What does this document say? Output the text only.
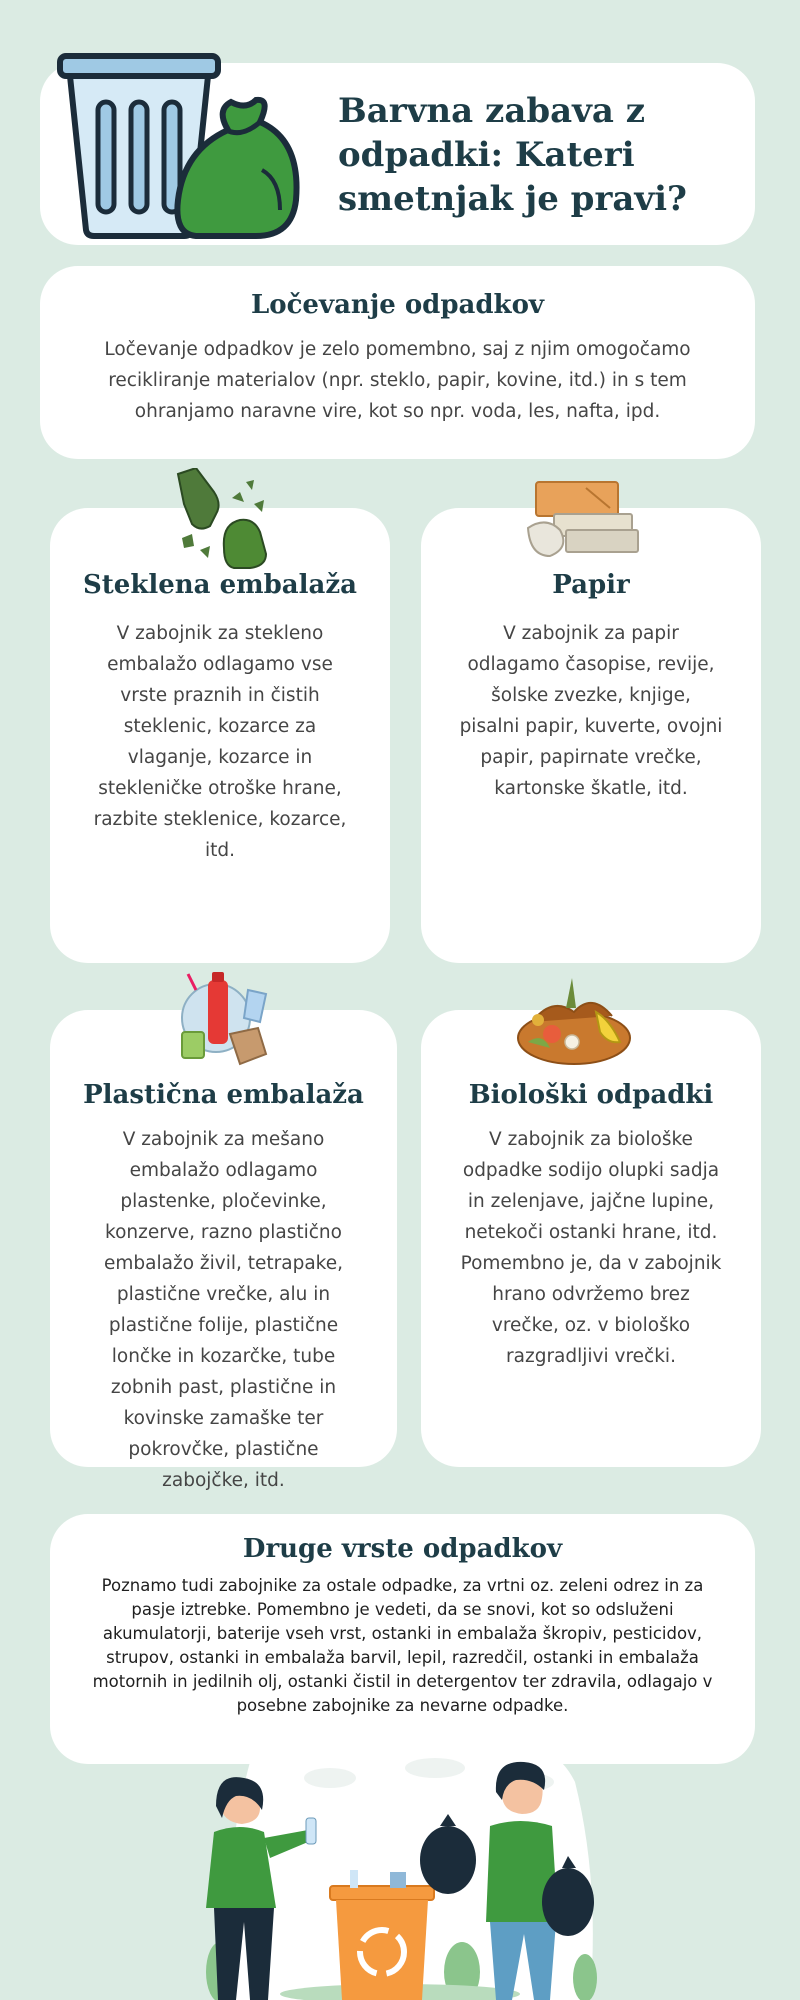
Barvna zabava z odpadki: Kateri smetnjak je pravi?
Ločevanje odpadkov

Ločevanje odpadkov je zelo pomembno, saj z njim omogočamo recikliranje materialov (npr. steklo, papir, kovine, itd.) in s tem ohranjamo naravne vire, kot so npr. voda, les, nafta, ipd.

Steklena embalaža

V zabojnik za stekleno embalažo odlagamo vse vrste praznih in čistih steklenic, kozarce za vlaganje, kozarce in stekleničke otroške hrane, razbite steklenice, kozarce, itd.

Papir

V zabojnik za papir odlagamo časopise, revije, šolske zvezke, knjige, pisalni papir, kuverte, ovojni papir, papirnate vrečke, kartonske škatle, itd.

Plastična embalaža

V zabojnik za mešano embalažo odlagamo plastenke, pločevinke, konzerve, razno plastično embalažo živil, tetrapake, plastične vrečke, alu in plastične folije, plastične lončke in kozarčke, tube zobnih past, plastične in kovinske zamaške ter pokrovčke, plastične zabojčke, itd.

Biološki odpadki

V zabojnik za biološke odpadke sodijo olupki sadja in zelenjave, jajčne lupine, netekoči ostanki hrane, itd. Pomembno je, da v zabojnik hrano odvržemo brez vrečke, oz. v biološko razgradljivi vrečki.

Druge vrste odpadkov

Poznamo tudi zabojnike za ostale odpadke, za vrtni oz. zeleni odrez in za pasje iztrebke. Pomembno je vedeti, da se snovi, kot so odsluženi akumulatorji, baterije vseh vrst, ostanki in embalaža škropiv, pesticidov, strupov, ostanki in embalaža barvil, lepil, razredčil, ostanki in embalaža motornih in jedilnih olj, ostanki čistil in detergentov ter zdravila, odlagajo v posebne zabojnike za nevarne odpadke.
